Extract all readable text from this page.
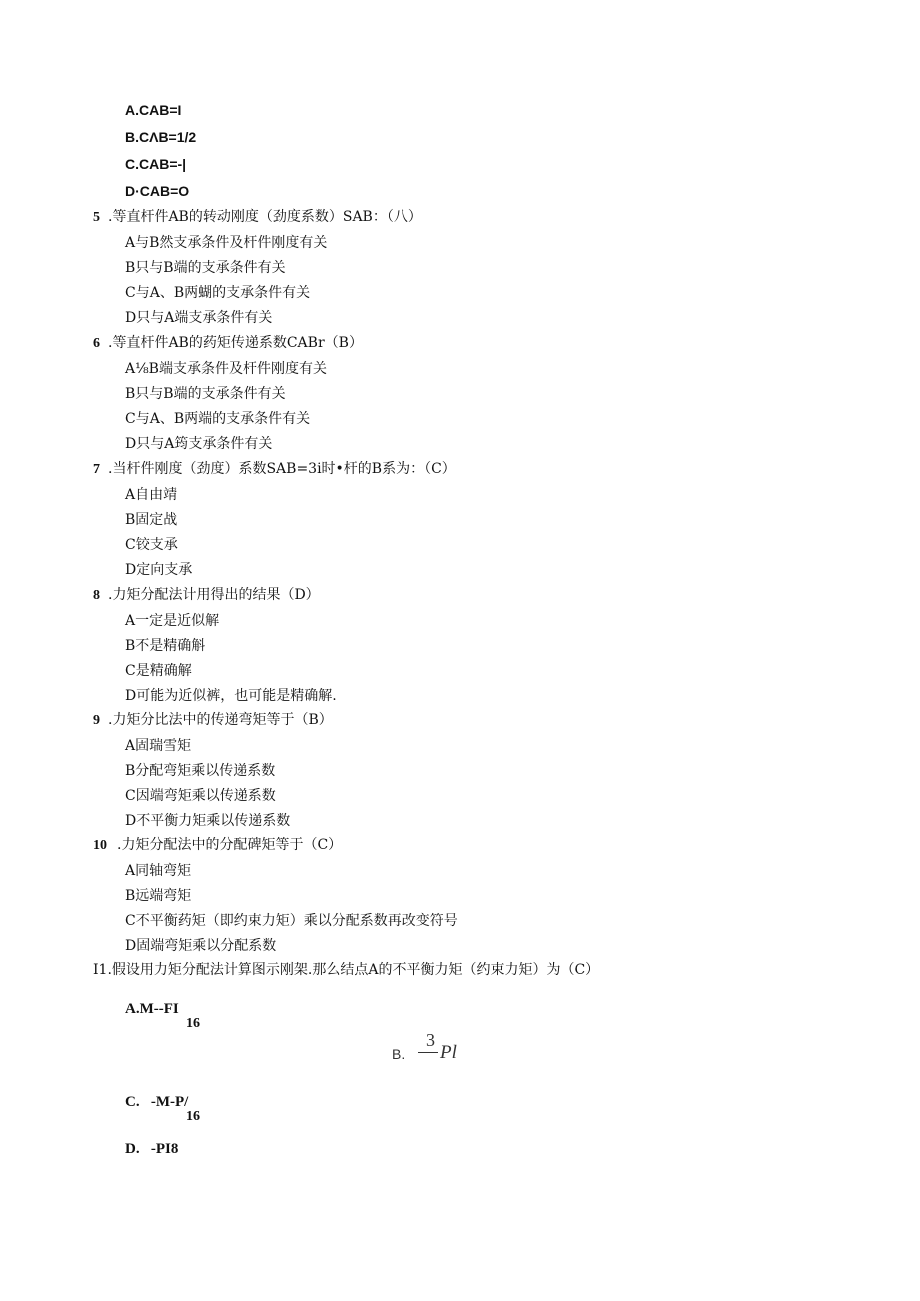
A.CAB=I
B.CΛB=1/2
C.CAB=-|
D·CAB=O
5 .等直杆件AB的转动刚度（劲度系数）SAB：（八）
A与B然支承条件及杆件刚度有关
B只与B端的支承条件有关
C与A、B两蝴的支承条件有关
D只与A端支承条件有关
6 .等直杆件AB的药矩传递系数CABr（B）
A⅛B端支承条件及杆件刚度有关
B只与B端的支承条件有关
C与A、B两端的支承条件有关
D只与A筠支承条件有关
7 .当杆件刚度（劲度）系数SAB=3i时•杆的B系为：（C）
A自由靖
B固定战
C铰支承
D定向支承
8 .力矩分配法计用得出的结果（D）
A一定是近似解
B不是精确斛
C是精确解
D可能为近似裤，也可能是精确解.
9 .力矩分比法中的传递弯矩等于（B）
A固瑞雪矩
B分配弯矩乘以传递系数
C因端弯矩乘以传递系数
D不平衡力矩乘以传递系数
10 .力矩分配法中的分配碑矩等于（C）
A同轴弯矩
B远端弯矩
C不平衡药矩（即约束力矩）乘以分配系数再改变符号
D固端弯矩乘以分配系数
I1.假设用力矩分配法计算图示刚架.那么结点A的不平衡力矩（约束力矩）为（C）
A.M--FI
16
B.
3
Pl
C.   -M-P/
16
D.   -PI8
